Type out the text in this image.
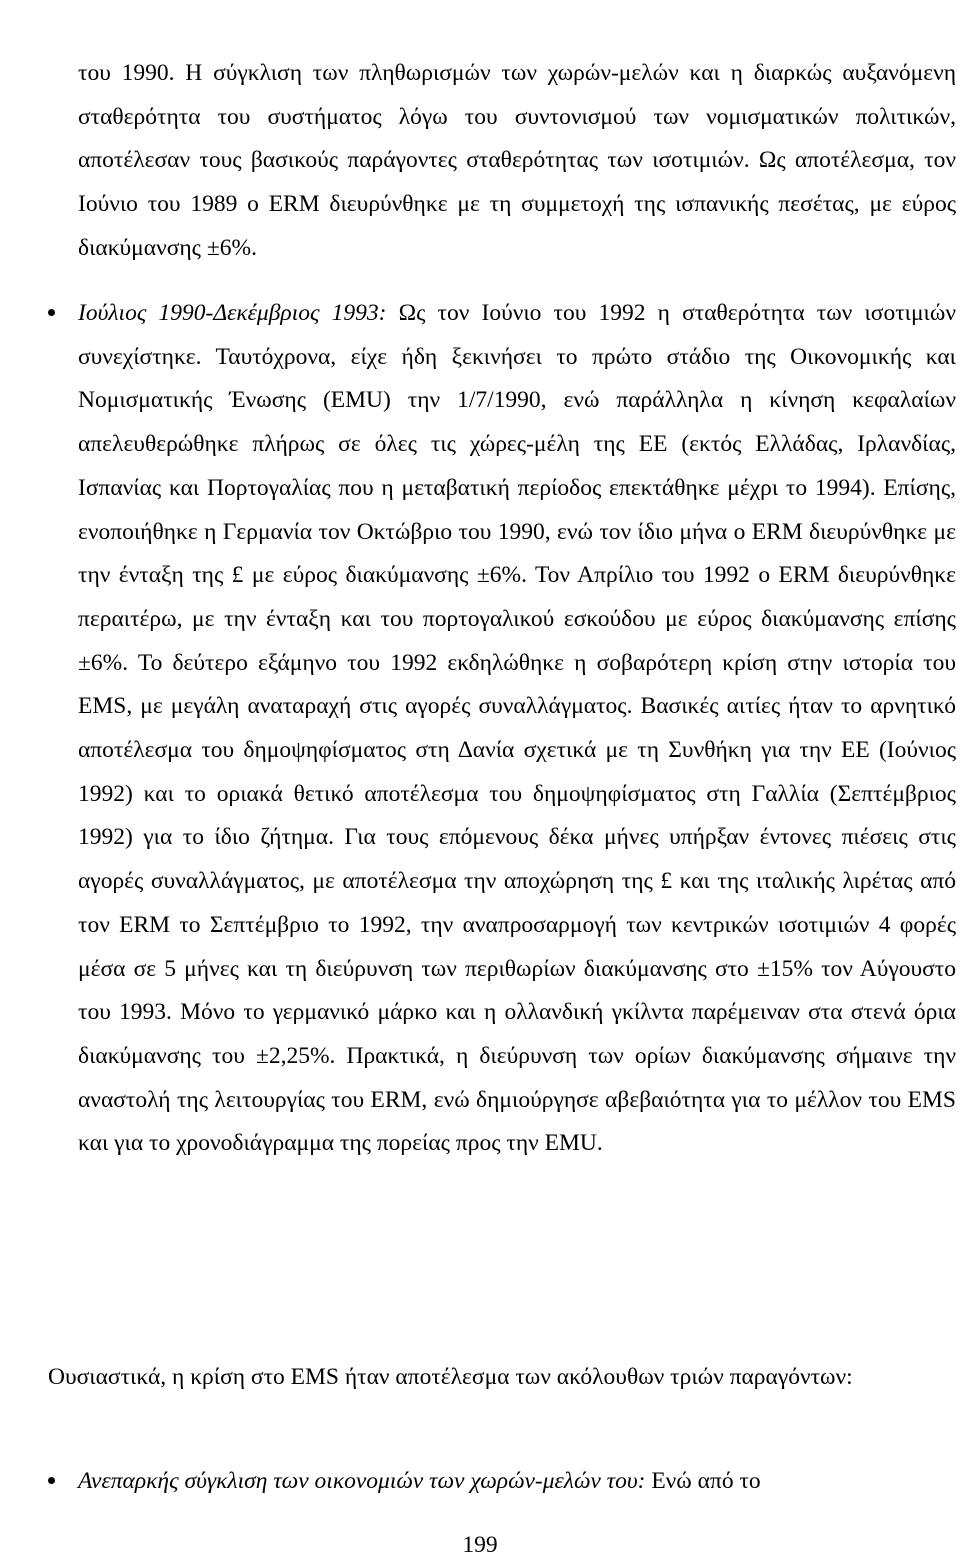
του 1990. Η σύγκλιση των πληθωρισμών των χωρών-μελών και η διαρκώς αυξανόμενη σταθερότητα του συστήματος λόγω του συντονισμού των νομισματικών πολιτικών, αποτέλεσαν τους βασικούς παράγοντες σταθερότητας των ισοτιμιών. Ως αποτέλεσμα, τον Ιούνιο του 1989 ο ERM διευρύνθηκε με τη συμμετοχή της ισπανικής πεσέτας, με εύρος διακύμανσης ±6%.

Ιούλιος 1990-Δεκέμβριος 1993: Ως τον Ιούνιο του 1992 η σταθερότητα των ισοτιμιών συνεχίστηκε. Ταυτόχρονα, είχε ήδη ξεκινήσει το πρώτο στάδιο της Οικονομικής και Νομισματικής Ένωσης (EMU) την 1/7/1990, ενώ παράλληλα η κίνηση κεφαλαίων απελευθερώθηκε πλήρως σε όλες τις χώρες-μέλη της ΕΕ (εκτός Ελλάδας, Ιρλανδίας, Ισπανίας και Πορτογαλίας που η μεταβατική περίοδος επεκτάθηκε μέχρι το 1994). Επίσης, ενοποιήθηκε η Γερμανία τον Οκτώβριο του 1990, ενώ τον ίδιο μήνα ο ERM διευρύνθηκε με την ένταξη της £ με εύρος διακύμανσης ±6%. Τον Απρίλιο του 1992 ο ERM διευρύνθηκε περαιτέρω, με την ένταξη και του πορτογαλικού εσκούδου με εύρος διακύμανσης επίσης ±6%. Το δεύτερο εξάμηνο του 1992 εκδηλώθηκε η σοβαρότερη κρίση στην ιστορία του EMS, με μεγάλη αναταραχή στις αγορές συναλλάγματος. Βασικές αιτίες ήταν το αρνητικό αποτέλεσμα του δημοψηφίσματος στη Δανία σχετικά με τη Συνθήκη για την ΕΕ (Ιούνιος 1992) και το οριακά θετικό αποτέλεσμα του δημοψηφίσματος στη Γαλλία (Σεπτέμβριος 1992) για το ίδιο ζήτημα. Για τους επόμενους δέκα μήνες υπήρξαν έντονες πιέσεις στις αγορές συναλλάγματος, με αποτέλεσμα την αποχώρηση της £ και της ιταλικής λιρέτας από τον ERM το Σεπτέμβριο το 1992, την αναπροσαρμογή των κεντρικών ισοτιμιών 4 φορές μέσα σε 5 μήνες και τη διεύρυνση των περιθωρίων διακύμανσης στο ±15% τον Αύγουστο του 1993. Μόνο το γερμανικό μάρκο και η ολλανδική γκίλντα παρέμειναν στα στενά όρια διακύμανσης του ±2,25%. Πρακτικά, η διεύρυνση των ορίων διακύμανσης σήμαινε την αναστολή της λειτουργίας του ERM, ενώ δημιούργησε αβεβαιότητα για το μέλλον του EMS και για το χρονοδιάγραμμα της πορείας προς την EMU.

Ουσιαστικά, η κρίση στο EMS ήταν αποτέλεσμα των ακόλουθων τριών παραγόντων:

Ανεπαρκής σύγκλιση των οικονομιών των χωρών-μελών του: Ενώ από το

199
